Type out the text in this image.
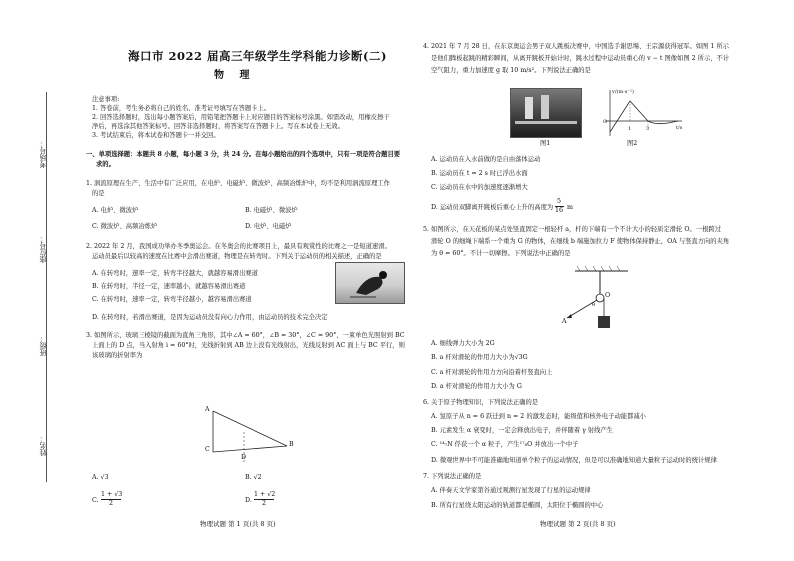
考场号：
座位号：
班级：
姓名：
海口市 2022 届高三年级学生学科能力诊断(二)
物 理
注意事项:
1. 答卷前，考生务必将自己的姓名、准考证号填写在答题卡上。
2. 回答选择题时，选出每小题答案后，用铅笔把答题卡上对应题目的答案标号涂黑。如需改动，用橡皮擦干
净后，再选涂其他答案标号。回答非选择题时，将答案写在答题卡上。写在本试卷上无效。
3. 考试结束后，将本试卷和答题卡一并交回。
一、单项选择题：本题共 8 小题，每小题 3 分，共 24 分。在每小题给出的四个选项中，只有一项是符合题目要
求的。
1. 涡流原理在生产、生活中有广泛应用，在电炉、电磁炉、微波炉、高频冶炼炉中，均不是利用涡流原理工作
的是
A. 电炉、微波炉	B. 电磁炉、微波炉
C. 微波炉、高频冶炼炉	D. 电炉、电磁炉
2. 2022 年 2 月，我国成功举办冬季奥运会。在冬奥会的比赛项目上，最具有观赏性的比赛之一是短道速滑。
运动员最后以较高的速度在比赛中会滑出赛道，物理是在转弯时。下列关于运动员的相关描述，正确的是
A. 在转弯时，速率一定，转弯半径越大，就越容易滑出赛道
B. 在转弯时，半径一定，速率越小，就越容易滑出赛道
C. 在转弯时，速率一定，转弯半径越小，越容易滑出赛道
D. 在转弯时，若滑出赛道，是因为运动员没有向心力作用，由运动员的技术完全决定
3. 如图所示，玻璃三棱镜的截面为直角三角形，其中∠A = 60°，∠B = 30°，∠C = 90°，一束单色光照射到 BC
上面上的 D 点，当入射角 i = 60°时，光线折射到 AB 边上没有光线射出，光线反射到 AC 面上与 BC 平行，则
该玻璃的折射率为
A
C
B
D
A. √3	B. √2
C.
1 + √3
2	D.
1 + √2
2
物理试题 第 1 页(共 8 页)
4. 2021 年 7 月 28 日，在东京奥运会男子双人跳板决赛中，中国选手谢思埸、王宗源获得冠军。如图 1 所示
是他们腾板起跳的精彩瞬间，从离开跳板开始计时，跳水过程中运动员重心的 v − t 图像如图 2 所示，不计
空气阻力，重力加速度 g 取 10 m/s²。下列说法正确的是
图1
v/(m·s⁻¹)
O
1	3	t/s
图2
A. 运动员在入水前做的是自由落体运动
B. 运动员在 t = 2 s 时已浮出水面
C. 运动员在水中的加速度逐渐增大
D. 运动员双脚离开跳板后重心上升的高度为
5
16 m
5. 如图所示，在天花板的某点处竖直固定一根轻杆 a，杆的下端有一个不计大小的轻质定滑轮 O。一根跨过
滑轮 O 的细绳下端系一个重为 G 的物体，在细线 b 端施加拉力 F 使物体保持静止，OA 与竖直方向的夹角
为 θ = 60°。不计一切摩擦。下列说法中正确的是
O
A
θ
A. 细线弹力大小为 2G
B. a 杆对滑轮的作用力大小为√3G
C. a 杆对滑轮的作用力方向沿着杆竖直向上
D. a 杆对滑轮的作用力大小为 G
6. 关于原子物理知识，下列说法正确的是
A. 氢原子从 n = 6 跃迁到 n = 2 的激发态时，能级值和核外电子动能都减小
B. 元素发生 α 衰变时，一定会释放出电子，并伴随着 γ 射线产生
C. ¹⁴₇N 俘获一个 α 粒子，产生¹⁷₈O 并放出一个中子
D. 微观世界中不可能准确地知道单个粒子的运动情况，但是可以准确地知道大量粒子运动时的统计规律
7. 下列说法正确的是
A. 伴奏天文学家第谷通过观测行星发现了行星的运动规律
B. 所有行星绕太阳运动的轨道都是椭圆，太阳位于椭圆的中心
物理试题 第 2 页(共 8 页)
